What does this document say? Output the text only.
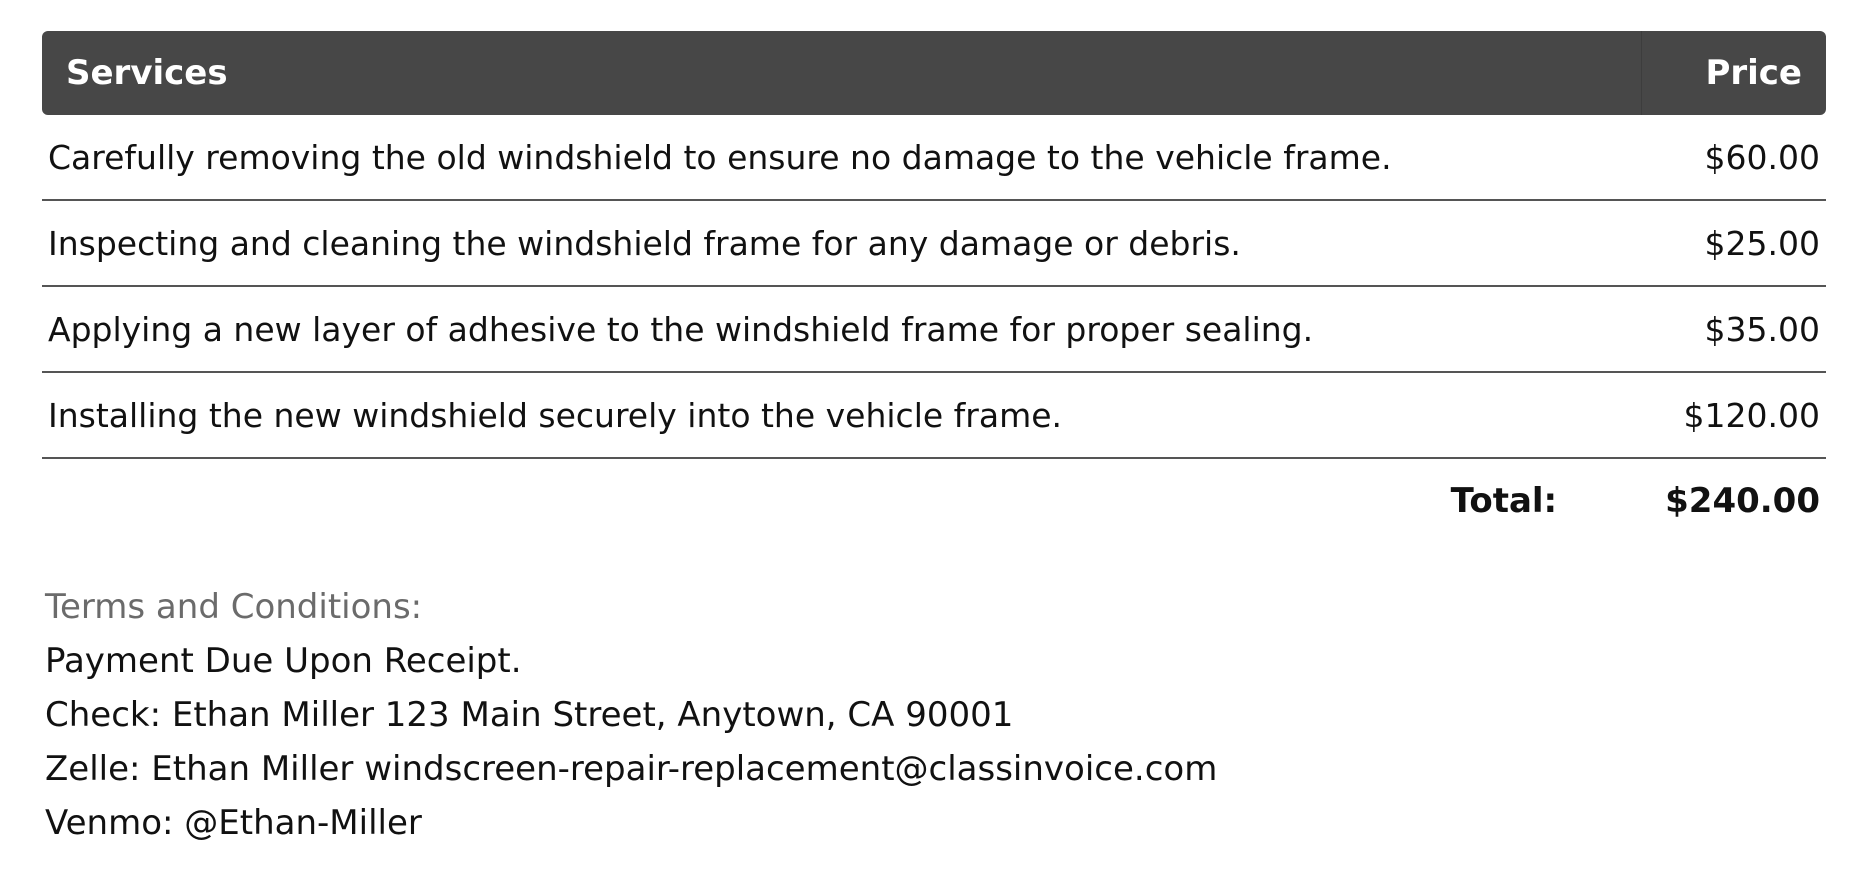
Services	Price
Carefully removing the old windshield to ensure no damage to the vehicle frame.	$60.00
Inspecting and cleaning the windshield frame for any damage or debris.	$25.00
Applying a new layer of adhesive to the windshield frame for proper sealing.	$35.00
Installing the new windshield securely into the vehicle frame.	$120.00
Total:	$240.00
Terms and Conditions:
Payment Due Upon Receipt.
Check: Ethan Miller 123 Main Street, Anytown, CA 90001
Zelle: Ethan Miller windscreen-repair-replacement@classinvoice.com
Venmo: @Ethan-Miller
